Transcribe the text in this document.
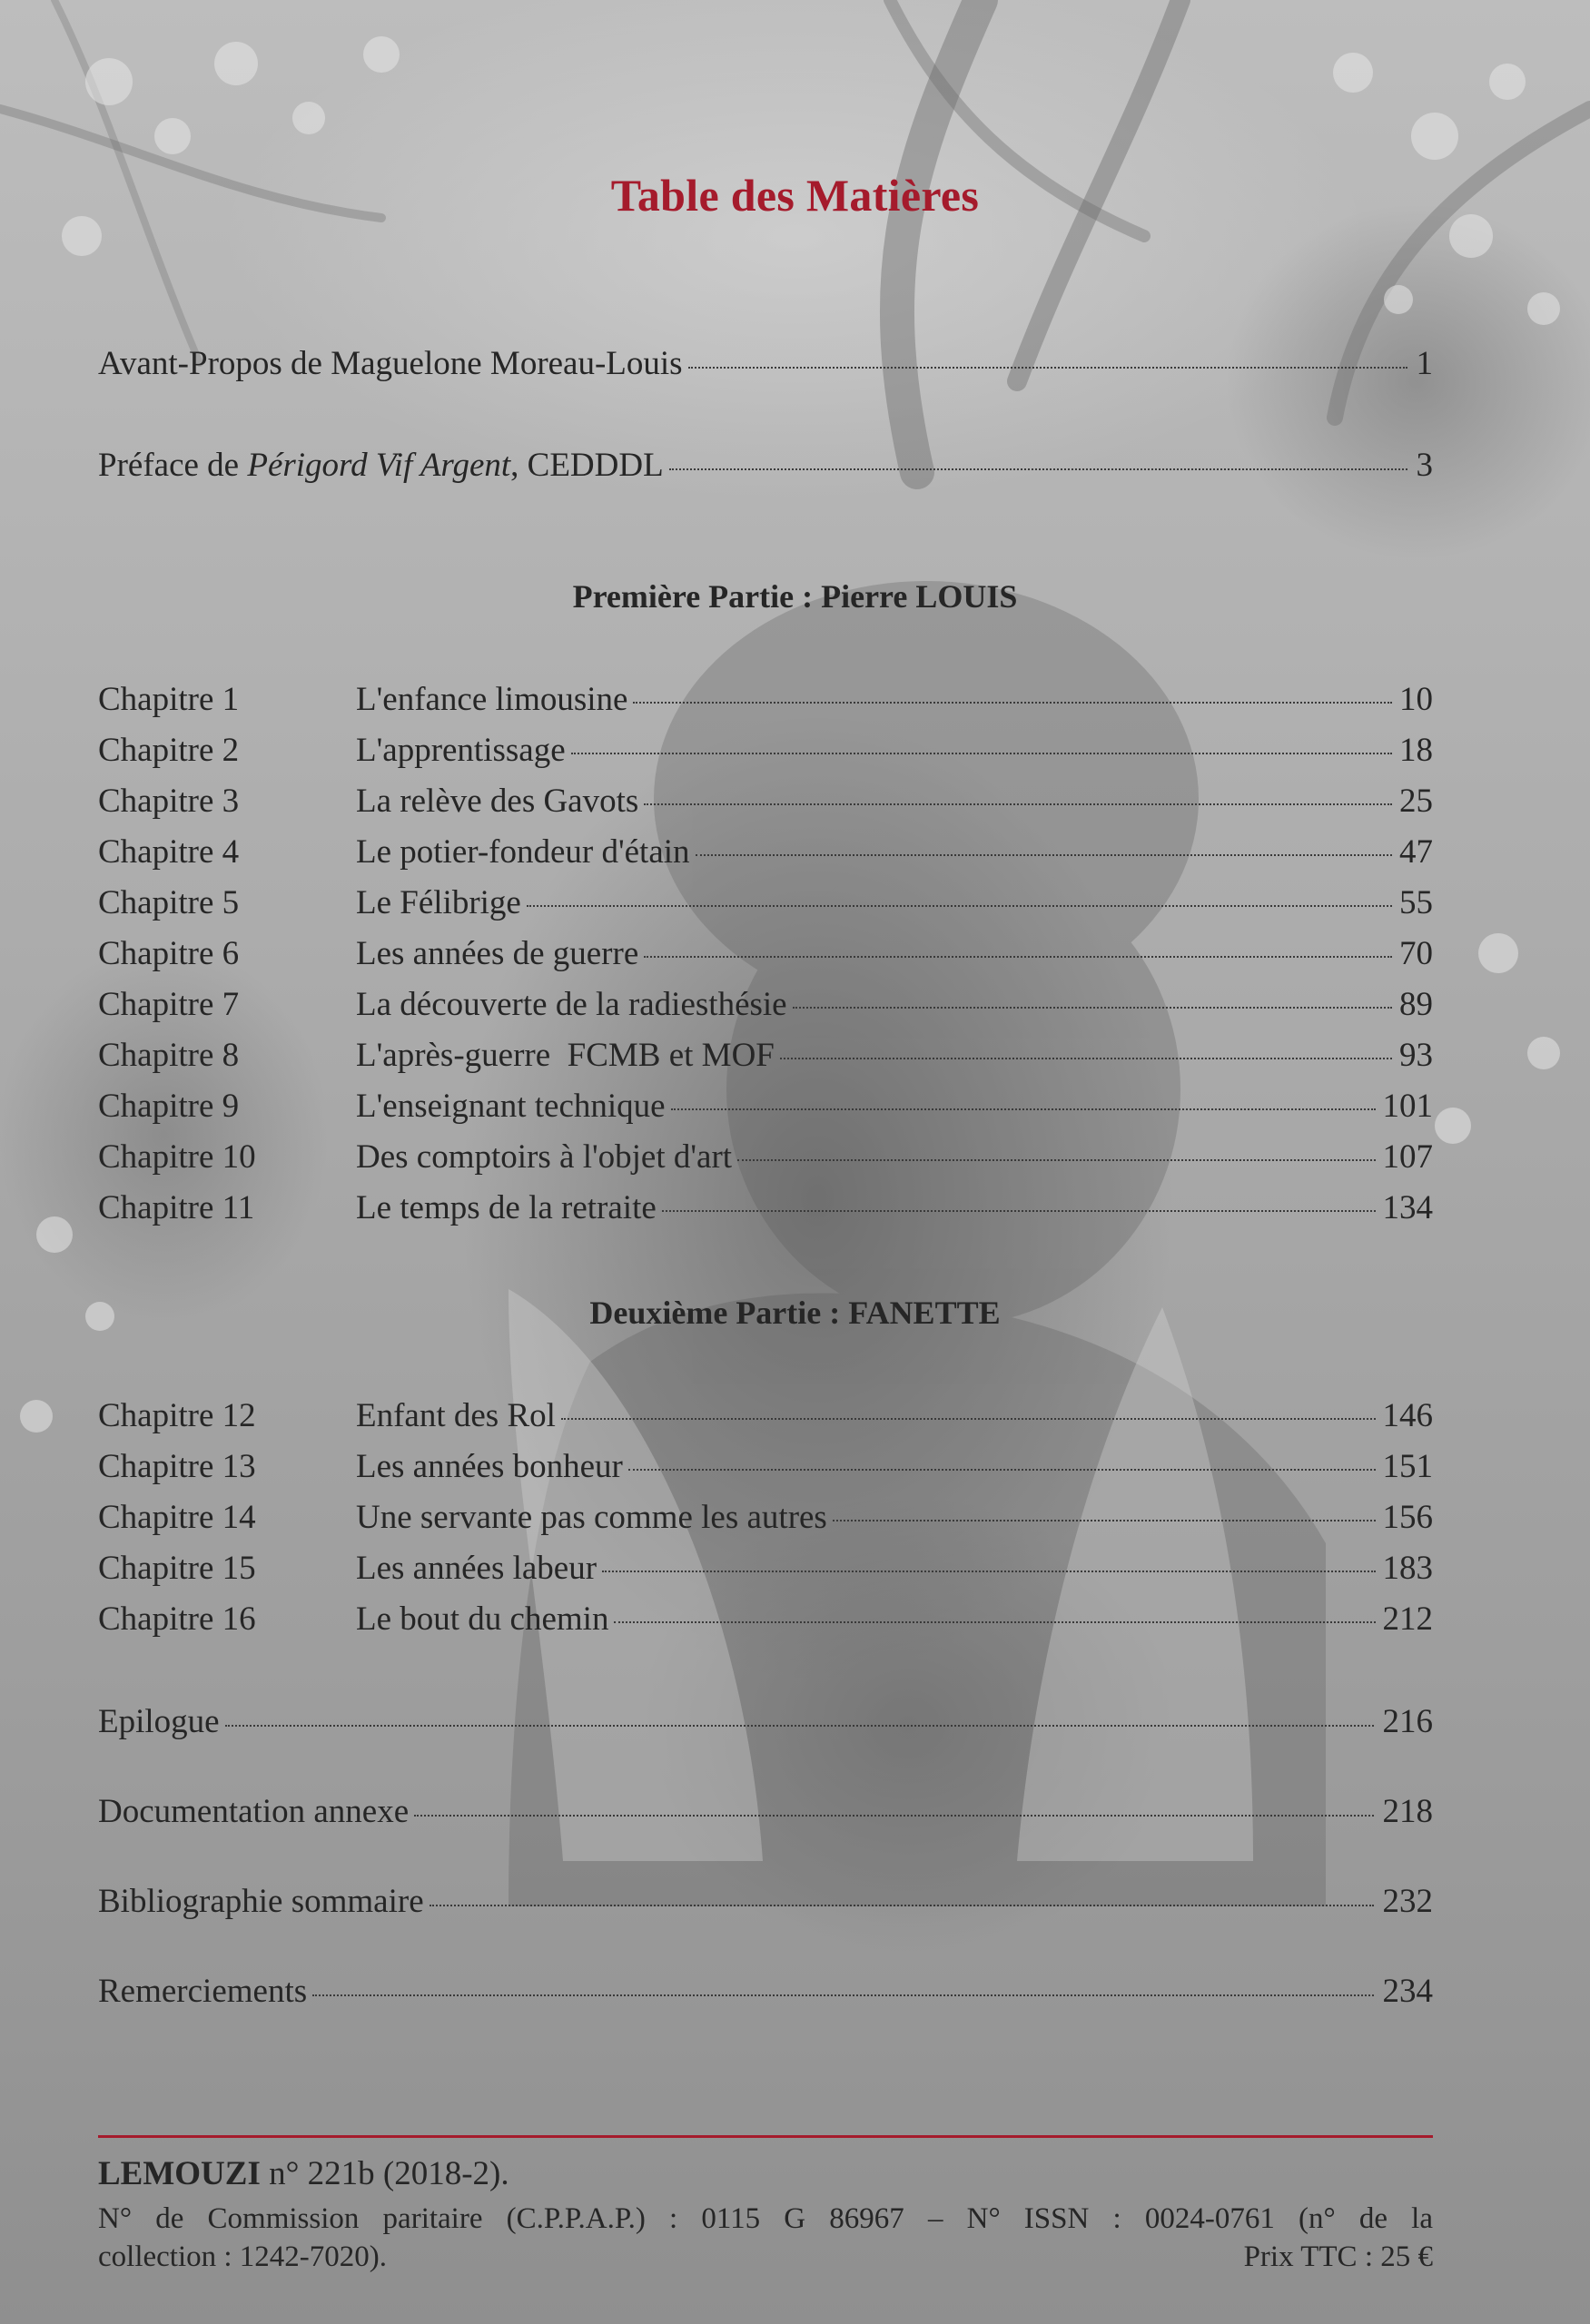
Table des Matières
Avant-Propos de Maguelone Moreau-Louis	1
Préface de Périgord Vif Argent, CEDDDL	3
Première Partie : Pierre LOUIS
Chapitre 1	L'enfance limousine	10
Chapitre 2	L'apprentissage	18
Chapitre 3	La relève des Gavots	25
Chapitre 4	Le potier-fondeur d'étain	47
Chapitre 5	Le Félibrige	55
Chapitre 6	Les années de guerre	70
Chapitre 7	La découverte de la radiesthésie	89
Chapitre 8	L'après-guerre  FCMB et MOF	93
Chapitre 9	L'enseignant technique	101
Chapitre 10	Des comptoirs à l'objet d'art	107
Chapitre 11	Le temps de la retraite	134
Deuxième Partie : FANETTE
Chapitre 12	Enfant des Rol	146
Chapitre 13	Les années bonheur	151
Chapitre 14	Une servante pas comme les autres	156
Chapitre 15	Les années labeur	183
Chapitre 16	Le bout du chemin	212
Epilogue	216
Documentation annexe	218
Bibliographie sommaire	232
Remerciements	234
LEMOUZI n° 221b (2018-2).
N° de Commission paritaire (C.P.P.A.P.) : 0115 G 86967 – N° ISSN : 0024-0761 (n° de la
collection : 1242-7020).	Prix TTC : 25 €
